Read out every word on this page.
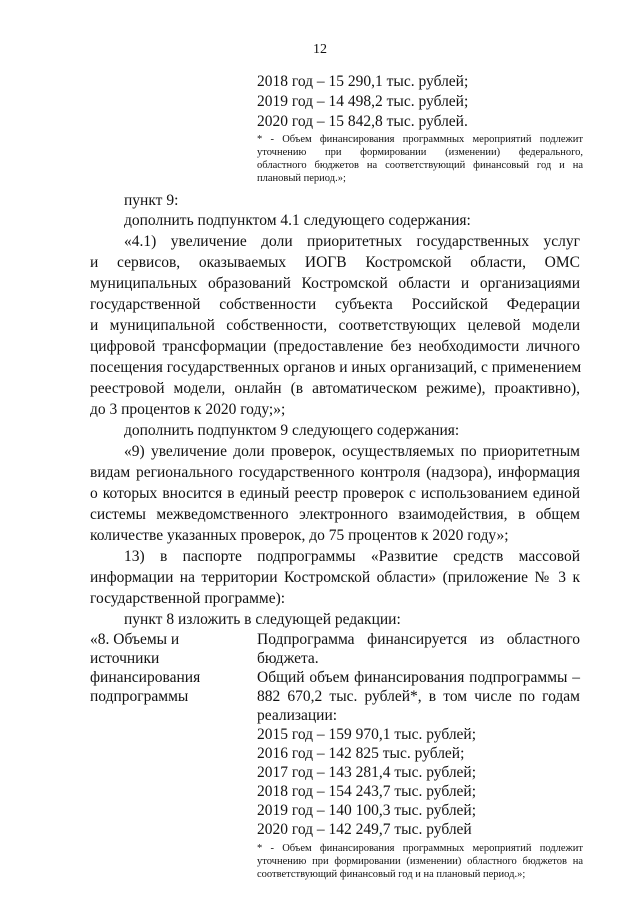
12
2018 год – 15 290,1 тыс. рублей;
2019 год – 14 498,2 тыс. рублей;
2020 год – 15 842,8 тыс. рублей.
* - Объем финансирования программных мероприятий подлежит
уточнению при формировании (изменении) федерального,
областного бюджетов на соответствующий финансовый год и на
плановый период.»;
пункт 9:
дополнить подпунктом 4.1 следующего содержания:
«4.1) увеличение доли приоритетных государственных услуг
и сервисов, оказываемых ИОГВ Костромской области, ОМС
муниципальных образований Костромской области и организациями
государственной собственности субъекта Российской Федерации
и муниципальной собственности, соответствующих целевой модели
цифровой трансформации (предоставление без необходимости личного
посещения государственных органов и иных организаций, с применением
реестровой модели, онлайн (в автоматическом режиме), проактивно),
до 3 процентов к 2020 году;»;
дополнить подпунктом 9 следующего содержания:
«9) увеличение доли проверок, осуществляемых по приоритетным
видам регионального государственного контроля (надзора), информация
о которых вносится в единый реестр проверок с использованием единой
системы межведомственного электронного взаимодействия, в общем
количестве указанных проверок, до 75 процентов к 2020 году»;
13) в паспорте подпрограммы «Развитие средств массовой
информации на территории Костромской области» (приложение № 3 к
государственной программе):
пункт 8 изложить в следующей редакции:
«8. Объемы и
источники
финансирования
подпрограммы
Подпрограмма финансируется из областного
бюджета.
Общий объем финансирования подпрограммы –
882 670,2 тыс. рублей*, в том числе по годам
реализации:
2015 год – 159 970,1 тыс. рублей;
2016 год – 142 825 тыс. рублей;
2017 год – 143 281,4 тыс. рублей;
2018 год – 154 243,7 тыс. рублей;
2019 год – 140 100,3 тыс. рублей;
2020 год – 142 249,7 тыс. рублей
* - Объем финансирования программных мероприятий подлежит
уточнению при формировании (изменении) областного бюджетов на
соответствующий финансовый год и на плановый период.»;
